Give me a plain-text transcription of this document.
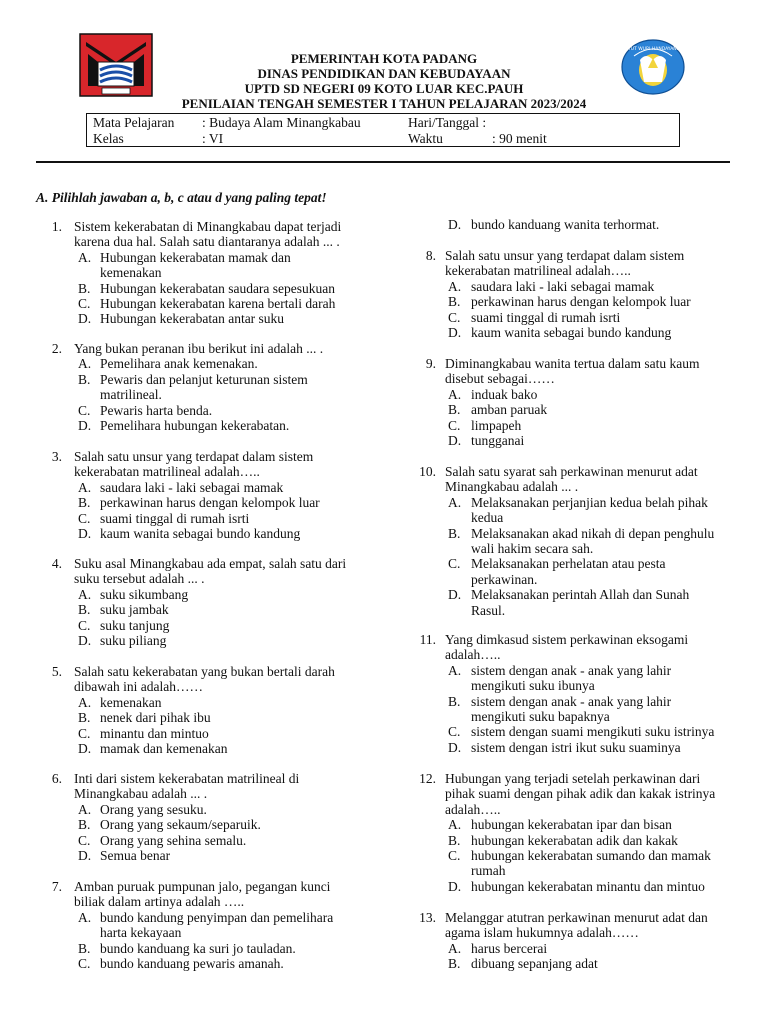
TUT WURI HANDAYANI

PEMERINTAH KOTA PADANG

DINAS PENDIDIKAN DAN KEBUDAYAAN

UPTD SD NEGERI 09 KOTO LUAR KEC.PAUH

PENILAIAN TENGAH SEMESTER I TAHUN PELAJARAN 2023/2024

Mata Pelajaran : Budaya Alam Minangkabau	Hari/Tanggal :
Kelas	: VI	Waktu	: 90 menit

A. Pilihlah jawaban a, b, c atau d yang paling tepat!

1. Sistem kekerabatan di Minangkabau dapat terjadi
karena dua hal. Salah satu diantaranya adalah ... .
A. Hubungan kekerabatan mamak dan
kemenakan
B. Hubungan kekerabatan saudara sepesukuan
C. Hubungan kekerabatan karena bertali darah
D. Hubungan kekerabatan antar suku
2. Yang bukan peranan ibu berikut ini adalah ... .
A. Pemelihara anak kemenakan.
B. Pewaris dan pelanjut keturunan sistem
matrilineal.
C. Pewaris harta benda.
D. Pemelihara hubungan kekerabatan.
3. Salah satu unsur yang terdapat dalam sistem
kekerabatan matrilineal adalah…..
A. saudara laki - laki sebagai mamak
B. perkawinan harus dengan kelompok luar
C. suami tinggal di rumah isrti
D. kaum wanita sebagai bundo kandung
4. Suku asal Minangkabau ada empat, salah satu dari
suku tersebut adalah ... .
A. suku sikumbang
B. suku jambak
C. suku tanjung
D. suku piliang
5. Salah satu kekerabatan yang bukan bertali darah
dibawah ini adalah……
A. kemenakan
B. nenek dari pihak ibu
C. minantu dan mintuo
D. mamak dan kemenakan
6. Inti dari sistem kekerabatan matrilineal di
Minangkabau adalah ... .
A. Orang yang sesuku.
B. Orang yang sekaum/separuik.
C. Orang yang sehina semalu.
D. Semua benar
7. Amban puruak pumpunan jalo, pegangan kunci
biliak dalam artinya adalah …..
A. bundo kandung penyimpan dan pemelihara
harta kekayaan
B. bundo kanduang ka suri jo tauladan.
C. bundo kanduang pewaris amanah.
D. bundo kanduang wanita terhormat.
8. Salah satu unsur yang terdapat dalam sistem
kekerabatan matrilineal adalah…..
A. saudara laki - laki sebagai mamak
B. perkawinan harus dengan kelompok luar
C. suami tinggal di rumah isrti
D. kaum wanita sebagai bundo kandung
9. Diminangkabau wanita tertua dalam satu kaum
disebut sebagai……
A. induak bako
B. amban paruak
C. limpapeh
D. tungganai
10. Salah satu syarat sah perkawinan menurut adat
Minangkabau adalah ... .
A. Melaksanakan perjanjian kedua belah pihak
kedua
B. Melaksanakan akad nikah di depan penghulu
wali hakim secara sah.
C. Melaksanakan perhelatan atau pesta
perkawinan.
D. Melaksanakan perintah Allah dan Sunah
Rasul.
11. Yang dimkasud sistem perkawinan eksogami
adalah…..
A. sistem dengan anak - anak yang lahir
mengikuti suku ibunya
B. sistem dengan anak - anak yang lahir
mengikuti suku bapaknya
C. sistem dengan suami mengikuti suku istrinya
D. sistem dengan istri ikut suku suaminya
12. Hubungan yang terjadi setelah perkawinan dari
pihak suami dengan pihak adik dan kakak istrinya
adalah…..
A. hubungan kekerabatan ipar dan bisan
B. hubungan kekerabatan adik dan kakak
C. hubungan kekerabatan sumando dan mamak
rumah
D. hubungan kekerabatan minantu dan mintuo
13. Melanggar atutran perkawinan menurut adat dan
agama islam hukumnya adalah……
A. harus bercerai
B. dibuang sepanjang adat
